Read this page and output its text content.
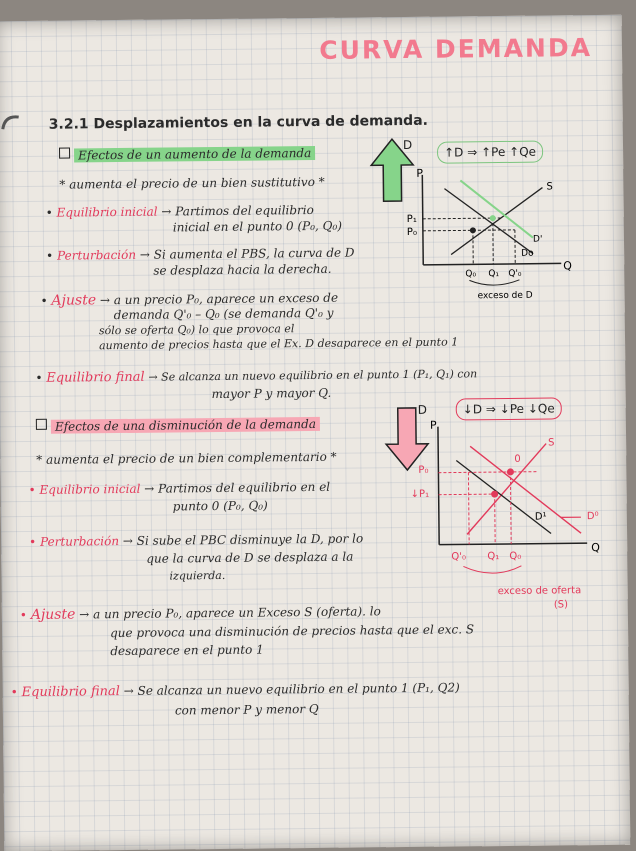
CURVA DEMANDA
3.2.1 Desplazamientos en la curva de demanda.
Efectos de un aumento de la demanda
* aumenta el precio de un bien sustitutivo *
• Equilibrio inicial → Partimos del equilibrio
inicial en el punto 0 (P₀, Q₀)
• Perturbación → Si aumenta el PBS, la curva de D
se desplaza hacia la derecha.
• Ajuste → a un precio P₀, aparece un exceso de
demanda Q'₀ – Q₀ (se demanda Q'₀ y
sólo se oferta Q₀) lo que provoca el
aumento de precios hasta que el Ex. D desaparece en el punto 1
• Equilibrio final → Se alcanza un nuevo equilibrio en el punto 1 (P₁, Q₁) con
mayor P y mayor Q.
D	↑D ⇒ ↑Pe ↑Qe
P
Q
S
P₁
P₀
D'
Do
Q₀ Q₁ Q'₀
exceso de D
Efectos de una disminución de la demanda
* aumenta el precio de un bien complementario *
• Equilibrio inicial → Partimos del equilibrio en el
punto 0 (P₀, Q₀)
• Perturbación → Si sube el PBC disminuye la D, por lo
que la curva de D se desplaza a la
izquierda.
• Ajuste → a un precio P₀, aparece un Exceso S (oferta). lo
que provoca una disminución de precios hasta que el exc. S
desaparece en el punto 1
• Equilibrio final → Se alcanza un nuevo equilibrio en el punto 1 (P₁, Q2)
con menor P y menor Q
D	↓D ⇒ ↓Pe ↓Qe
P
Q
S
0
P₀
↓P₁
D¹	D⁰
Q'₀ Q₁ Q₀
exceso de oferta
(S)
